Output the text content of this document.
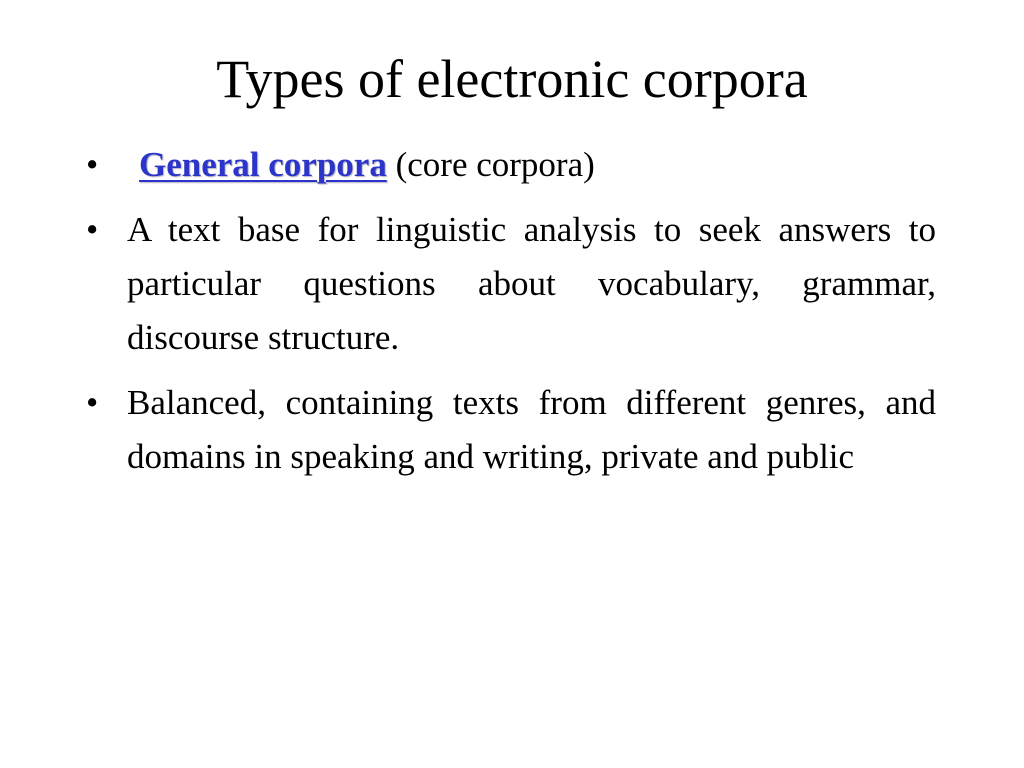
Types of electronic corpora
•	General corpora (core corpora)
• A text base for linguistic analysis to seek answers to particular questions about vocabulary, grammar, discourse structure.
• Balanced, containing texts from different genres, and domains in speaking and writing, private and public
